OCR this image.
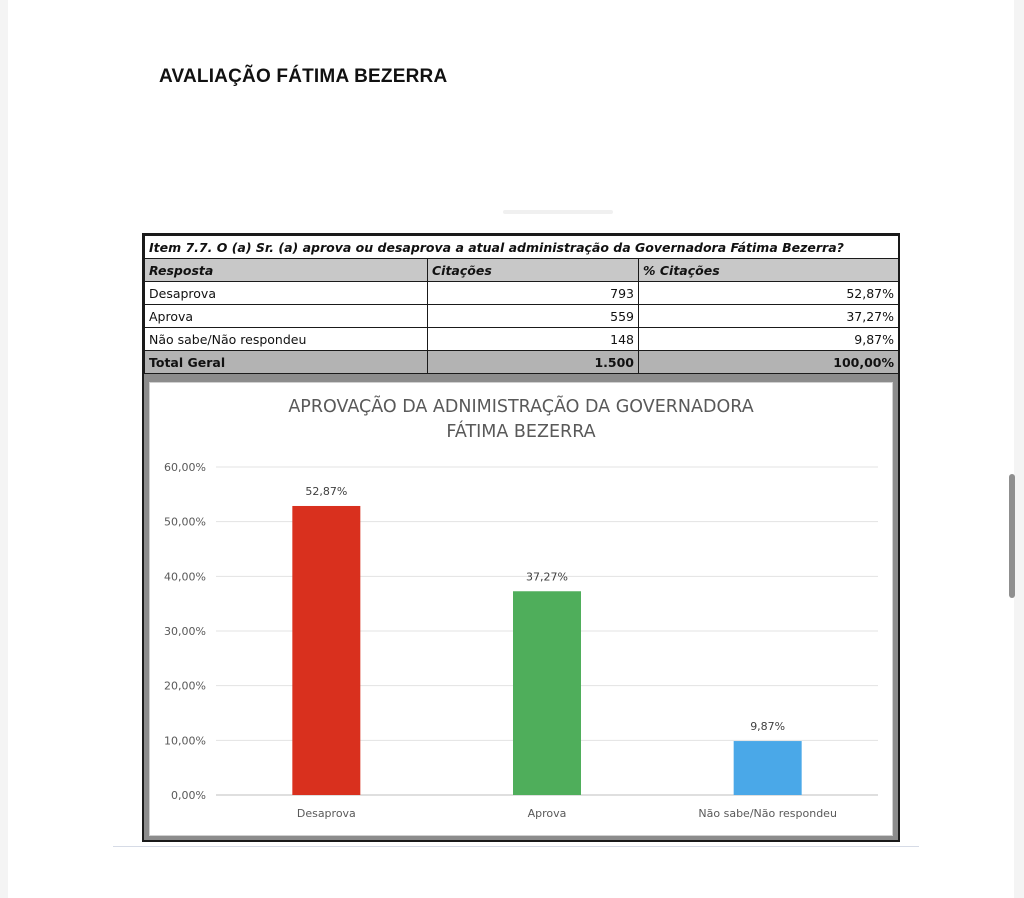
AVALIAÇÃO FÁTIMA BEZERRA
Item 7.7. O (a) Sr. (a) aprova ou desaprova a atual administração da Governadora Fátima Bezerra?		
Resposta	Citações	% Citações
Desaprova	793	52,87%
Aprova	559	37,27%
Não sabe/Não respondeu	148	9,87%
Total Geral	1.500	100,00%
APROVAÇÃO DA ADNIMISTRAÇÃO DA GOVERNADORA
FÁTIMA BEZERRA
0,00%
10,00%
20,00%
30,00%
40,00%
50,00%
60,00%
52,87%
Desaprova
37,27%
Aprova
9,87%
Não sabe/Não respondeu
